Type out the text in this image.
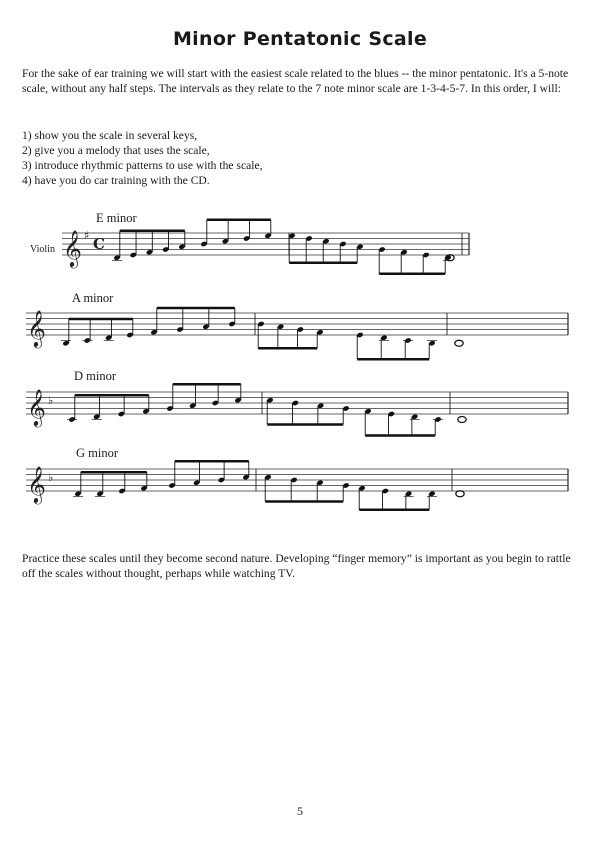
Minor Pentatonic Scale

For the sake of ear training we will start with the easiest scale related to the blues -- the minor pentatonic. It's a 5-note scale, without any half steps. The intervals as they relate to the 7 note minor scale are 1-3-4-5-7. In this order, I will:

1) show you the scale in several keys,
2) give you a melody that uses the scale,
3) introduce rhythmic patterns to use with the scale,
4) have you do car training with the CD.
Violin
E minor
A minor
D minor
G minor
𝄞 ♯ C
𝄞
𝄞 ♭
𝄞 ♭

Practice these scales until they become second nature. Developing “finger memory” is important as you begin to rattle off the scales without thought, perhaps while watching TV.

5
